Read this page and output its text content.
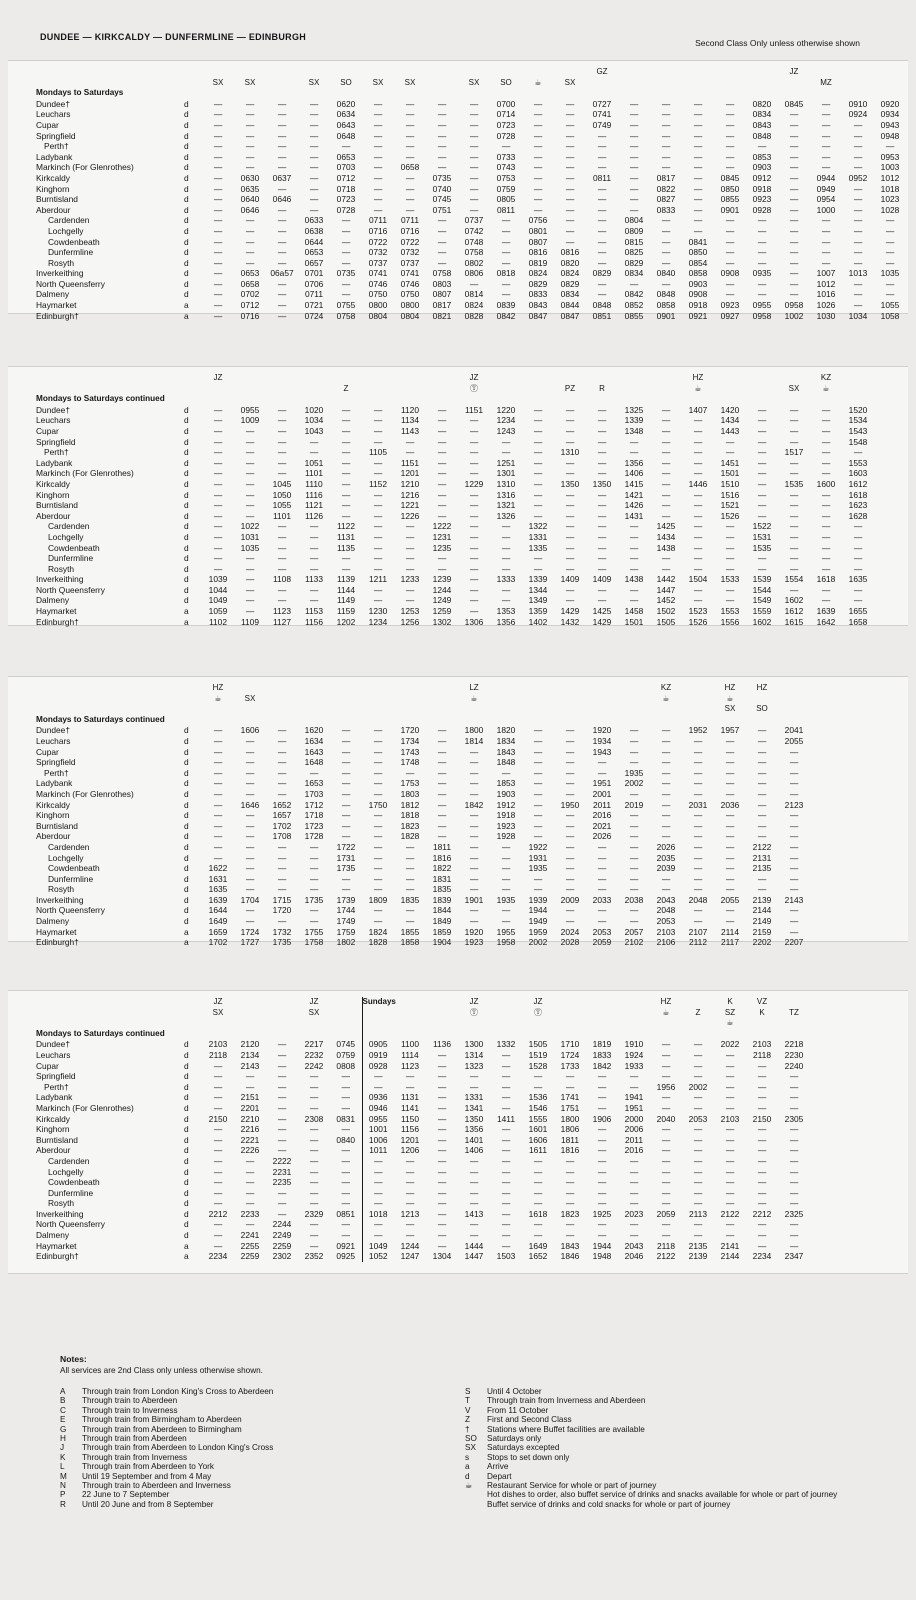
DUNDEE — KIRKCALDY — DUNFERMLINE — EDINBURGH
Second Class Only unless otherwise shown
														GZ						JZ			
		SX	SX		SX	SO	SX	SX		SX	SO	☕	SX								MZ		
Mondays to Saturdays																							
Dundee†	d	—	—	—	—	0620	—	—	—	—	0700	—	—	0727	—	—	—	—	0820	0845	—	0910	0920
Leuchars	d	—	—	—	—	0634	—	—	—	—	0714	—	—	0741	—	—	—	—	0834	—	—	0924	0934
Cupar	d	—	—	—	—	0643	—	—	—	—	0723	—	—	0749	—	—	—	—	0843	—	—	—	0943
Springfield	d	—	—	—	—	0648	—	—	—	—	0728	—	—	—	—	—	—	—	0848	—	—	—	0948
Perth†	d	—	—	—	—	—	—	—	—	—	—	—	—	—	—	—	—	—	—	—	—	—	—
Ladybank	d	—	—	—	—	0653	—	—	—	—	0733	—	—	—	—	—	—	—	0853	—	—	—	0953
Markinch (For Glenrothes)	d	—	—	—	—	0703	—	0658	—	—	0743	—	—	—	—	—	—	—	0903	—	—	—	1003
Kirkcaldy	d	—	0630	0637	—	0712	—	—	0735	—	0753	—	—	0811	—	0817	—	0845	0912	—	0944	0952	1012
Kinghorn	d	—	0635	—	—	0718	—	—	0740	—	0759	—	—	—	—	0822	—	0850	0918	—	0949	—	1018
Burntisland	d	—	0640	0646	—	0723	—	—	0745	—	0805	—	—	—	—	0827	—	0855	0923	—	0954	—	1023
Aberdour	d	—	0646	—	—	0728	—	—	0751	—	0811	—	—	—	—	0833	—	0901	0928	—	1000	—	1028
Cardenden	d	—	—	—	0633	—	0711	0711	—	0737	—	0756	—	—	0804	—	—	—	—	—	—	—	—
Lochgelly	d	—	—	—	0638	—	0716	0716	—	0742	—	0801	—	—	0809	—	—	—	—	—	—	—	—
Cowdenbeath	d	—	—	—	0644	—	0722	0722	—	0748	—	0807	—	—	0815	—	0841	—	—	—	—	—	—
Dunfermline	d	—	—	—	0653	—	0732	0732	—	0758	—	0816	0816	—	0825	—	0850	—	—	—	—	—	—
Rosyth	d	—	—	—	0657	—	0737	0737	—	0802	—	0819	0820	—	0829	—	0854	—	—	—	—	—	—
Inverkeithing	d	—	0653	06a57	0701	0735	0741	0741	0758	0806	0818	0824	0824	0829	0834	0840	0858	0908	0935	—	1007	1013	1035
North Queensferry	d	—	0658	—	0706	—	0746	0746	0803	—	—	0829	0829	—	—	—	0903	—	—	—	1012	—	—
Dalmeny	d	—	0702	—	0711	—	0750	0750	0807	0814	—	0833	0834	—	0842	0848	0908	—	—	—	1016	—	—
Haymarket	a	—	0712	—	0721	0755	0800	0800	0817	0824	0839	0843	0844	0848	0852	0858	0918	0923	0955	0958	1026	—	1055
Edinburgh†	a	—	0716	—	0724	0758	0804	0804	0821	0828	0842	0847	0847	0851	0855	0901	0921	0927	0958	1002	1030	1034	1058
		JZ								JZ							HZ				KZ	
						Z				Ⓣ			PZ	R			☕			SX	☕	
Mondays to Saturdays continued																						
Dundee†	d	—	0955	—	1020	—	—	1120	—	1151	1220	—	—	—	1325	—	1407	1420	—	—	—	1520
Leuchars	d	—	1009	—	1034	—	—	1134	—	—	1234	—	—	—	1339	—	—	1434	—	—	—	1534
Cupar	d	—	—	—	1043	—	—	1143	—	—	1243	—	—	—	1348	—	—	1443	—	—	—	1543
Springfield	d	—	—	—	—	—	—	—	—	—	—	—	—	—	—	—	—	—	—	—	—	1548
Perth†	d	—	—	—	—	—	1105	—	—	—	—	—	1310	—	—	—	—	—	—	1517	—	—
Ladybank	d	—	—	—	1051	—	—	1151	—	—	1251	—	—	—	1356	—	—	1451	—	—	—	1553
Markinch (For Glenrothes)	d	—	—	—	1101	—	—	1201	—	—	1301	—	—	—	1406	—	—	1501	—	—	—	1603
Kirkcaldy	d	—	—	1045	1110	—	1152	1210	—	1229	1310	—	1350	1350	1415	—	1446	1510	—	1535	1600	1612
Kinghorn	d	—	—	1050	1116	—	—	1216	—	—	1316	—	—	—	1421	—	—	1516	—	—	—	1618
Burntisland	d	—	—	1055	1121	—	—	1221	—	—	1321	—	—	—	1426	—	—	1521	—	—	—	1623
Aberdour	d	—	—	1101	1126	—	—	1226	—	—	1326	—	—	—	1431	—	—	1526	—	—	—	1628
Cardenden	d	—	1022	—	—	1122	—	—	1222	—	—	1322	—	—	—	1425	—	—	1522	—	—	—
Lochgelly	d	—	1031	—	—	1131	—	—	1231	—	—	1331	—	—	—	1434	—	—	1531	—	—	—
Cowdenbeath	d	—	1035	—	—	1135	—	—	1235	—	—	1335	—	—	—	1438	—	—	1535	—	—	—
Dunfermline	d	—	—	—	—	—	—	—	—	—	—	—	—	—	—	—	—	—	—	—	—	—
Rosyth	d	—	—	—	—	—	—	—	—	—	—	—	—	—	—	—	—	—	—	—	—	—
Inverkeithing	d	1039	—	1108	1133	1139	1211	1233	1239	—	1333	1339	1409	1409	1438	1442	1504	1533	1539	1554	1618	1635
North Queensferry	d	1044	—	—	—	1144	—	—	1244	—	—	1344	—	—	—	1447	—	—	1544	—	—	—
Dalmeny	d	1049	—	—	—	1149	—	—	1249	—	—	1349	—	—	—	1452	—	—	1549	1602	—	—
Haymarket	a	1059	—	1123	1153	1159	1230	1253	1259	—	1353	1359	1429	1425	1458	1502	1523	1553	1559	1612	1639	1655
Edinburgh†	a	1102	1109	1127	1156	1202	1234	1256	1302	1306	1356	1402	1432	1429	1501	1505	1526	1556	1602	1615	1642	1658
		HZ								LZ						KZ		HZ	HZ	
		☕	SX							☕						☕		☕		
																		SX	SO	
Mondays to Saturdays continued																				
Dundee†	d	—	1606	—	1620	—	—	1720	—	1800	1820	—	—	1920	—	—	1952	1957	—	2041
Leuchars	d	—	—	—	1634	—	—	1734	—	1814	1834	—	—	1934	—	—	—	—	—	2055
Cupar	d	—	—	—	1643	—	—	1743	—	—	1843	—	—	1943	—	—	—	—	—	—
Springfield	d	—	—	—	1648	—	—	1748	—	—	1848	—	—	—	—	—	—	—	—	—
Perth†	d	—	—	—	—	—	—	—	—	—	—	—	—	—	1935	—	—	—	—	—
Ladybank	d	—	—	—	1653	—	—	1753	—	—	1853	—	—	1951	2002	—	—	—	—	—
Markinch (For Glenrothes)	d	—	—	—	1703	—	—	1803	—	—	1903	—	—	2001	—	—	—	—	—	—
Kirkcaldy	d	—	1646	1652	1712	—	1750	1812	—	1842	1912	—	1950	2011	2019	—	2031	2036	—	2123
Kinghorn	d	—	—	1657	1718	—	—	1818	—	—	1918	—	—	2016	—	—	—	—	—	—
Burntisland	d	—	—	1702	1723	—	—	1823	—	—	1923	—	—	2021	—	—	—	—	—	—
Aberdour	d	—	—	1708	1728	—	—	1828	—	—	1928	—	—	2026	—	—	—	—	—	—
Cardenden	d	—	—	—	—	1722	—	—	1811	—	—	1922	—	—	—	2026	—	—	2122	—
Lochgelly	d	—	—	—	—	1731	—	—	1816	—	—	1931	—	—	—	2035	—	—	2131	—
Cowdenbeath	d	1622	—	—	—	1735	—	—	1822	—	—	1935	—	—	—	2039	—	—	2135	—
Dunfermline	d	1631	—	—	—	—	—	—	1831	—	—	—	—	—	—	—	—	—	—	—
Rosyth	d	1635	—	—	—	—	—	—	1835	—	—	—	—	—	—	—	—	—	—	—
Inverkeithing	d	1639	1704	1715	1735	1739	1809	1835	1839	1901	1935	1939	2009	2033	2038	2043	2048	2055	2139	2143
North Queensferry	d	1644	—	1720	—	1744	—	—	1844	—	—	1944	—	—	—	2048	—	—	2144	—
Dalmeny	d	1649	—	—	—	1749	—	—	1849	—	—	1949	—	—	—	2053	—	—	2149	—
Haymarket	a	1659	1724	1732	1755	1759	1824	1855	1859	1920	1955	1959	2024	2053	2057	2103	2107	2114	2159	—
Edinburgh†	a	1702	1727	1735	1758	1802	1828	1858	1904	1923	1958	2002	2028	2059	2102	2106	2112	2117	2202	2207
		JZ			JZ		Sundays			JZ		JZ				HZ		K	VZ	
		SX			SX					Ⓣ		Ⓣ				☕	Z	SZ	K	TZ
																		☕		
Mondays to Saturdays continued																				
Dundee†	d	2103	2120	—	2217	0745	0905	1100	1136	1300	1332	1505	1710	1819	1910	—	—	2022	2103	2218
Leuchars	d	2118	2134	—	2232	0759	0919	1114	—	1314	—	1519	1724	1833	1924	—	—	—	2118	2230
Cupar	d	—	2143	—	2242	0808	0928	1123	—	1323	—	1528	1733	1842	1933	—	—	—	—	2240
Springfield	d	—	—	—	—	—	—	—	—	—	—	—	—	—	—	—	—	—	—	—
Perth†	d	—	—	—	—	—	—	—	—	—	—	—	—	—	—	1956	2002	—	—	—
Ladybank	d	—	2151	—	—	—	0936	1131	—	1331	—	1536	1741	—	1941	—	—	—	—	—
Markinch (For Glenrothes)	d	—	2201	—	—	—	0946	1141	—	1341	—	1546	1751	—	1951	—	—	—	—	—
Kirkcaldy	d	2150	2210	—	2308	0831	0955	1150	—	1350	1411	1555	1800	1906	2000	2040	2053	2103	2150	2305
Kinghorn	d	—	2216	—	—	—	1001	1156	—	1356	—	1601	1806	—	2006	—	—	—	—	—
Burntisland	d	—	2221	—	—	0840	1006	1201	—	1401	—	1606	1811	—	2011	—	—	—	—	—
Aberdour	d	—	2226	—	—	—	1011	1206	—	1406	—	1611	1816	—	2016	—	—	—	—	—
Cardenden	d	—	—	2222	—	—	—	—	—	—	—	—	—	—	—	—	—	—	—	—
Lochgelly	d	—	—	2231	—	—	—	—	—	—	—	—	—	—	—	—	—	—	—	—
Cowdenbeath	d	—	—	2235	—	—	—	—	—	—	—	—	—	—	—	—	—	—	—	—
Dunfermline	d	—	—	—	—	—	—	—	—	—	—	—	—	—	—	—	—	—	—	—
Rosyth	d	—	—	—	—	—	—	—	—	—	—	—	—	—	—	—	—	—	—	—
Inverkeithing	d	2212	2233	—	2329	0851	1018	1213	—	1413	—	1618	1823	1925	2023	2059	2113	2122	2212	2325
North Queensferry	d	—	—	2244	—	—	—	—	—	—	—	—	—	—	—	—	—	—	—	—
Dalmeny	d	—	2241	2249	—	—	—	—	—	—	—	—	—	—	—	—	—	—	—	—
Haymarket	a	—	2255	2259	—	0921	1049	1244	—	1444	—	1649	1843	1944	2043	2118	2135	2141	—	—
Edinburgh†	a	2234	2259	2302	2352	0925	1052	1247	1304	1447	1503	1652	1846	1948	2046	2122	2139	2144	2234	2347
Notes:
All services are 2nd Class only unless otherwise shown.
A	Through train from London King's Cross to Aberdeen
B	Through train to Aberdeen
C	Through train to Inverness
E	Through train from Birmingham to Aberdeen
G	Through train from Aberdeen to Birmingham
H	Through train from Aberdeen
J	Through train from Aberdeen to London King's Cross
K	Through train from Inverness
L	Through train from Aberdeen to York
M	Until 19 September and from 4 May
N	Through train to Aberdeen and Inverness
P	22 June to 7 September
R	Until 20 June and from 8 September
S	Until 4 October
T	Through train from Inverness and Aberdeen
V	From 11 October
Z	First and Second Class
†	Stations where Buffet facilities are available
SO	Saturdays only
SX	Saturdays excepted
s	Stops to set down only
a	Arrive
d	Depart
☕	Restaurant Service for whole or part of journey
Hot dishes to order, also buffet service of drinks and snacks available for whole or part of journey
Buffet service of drinks and cold snacks for whole or part of journey
